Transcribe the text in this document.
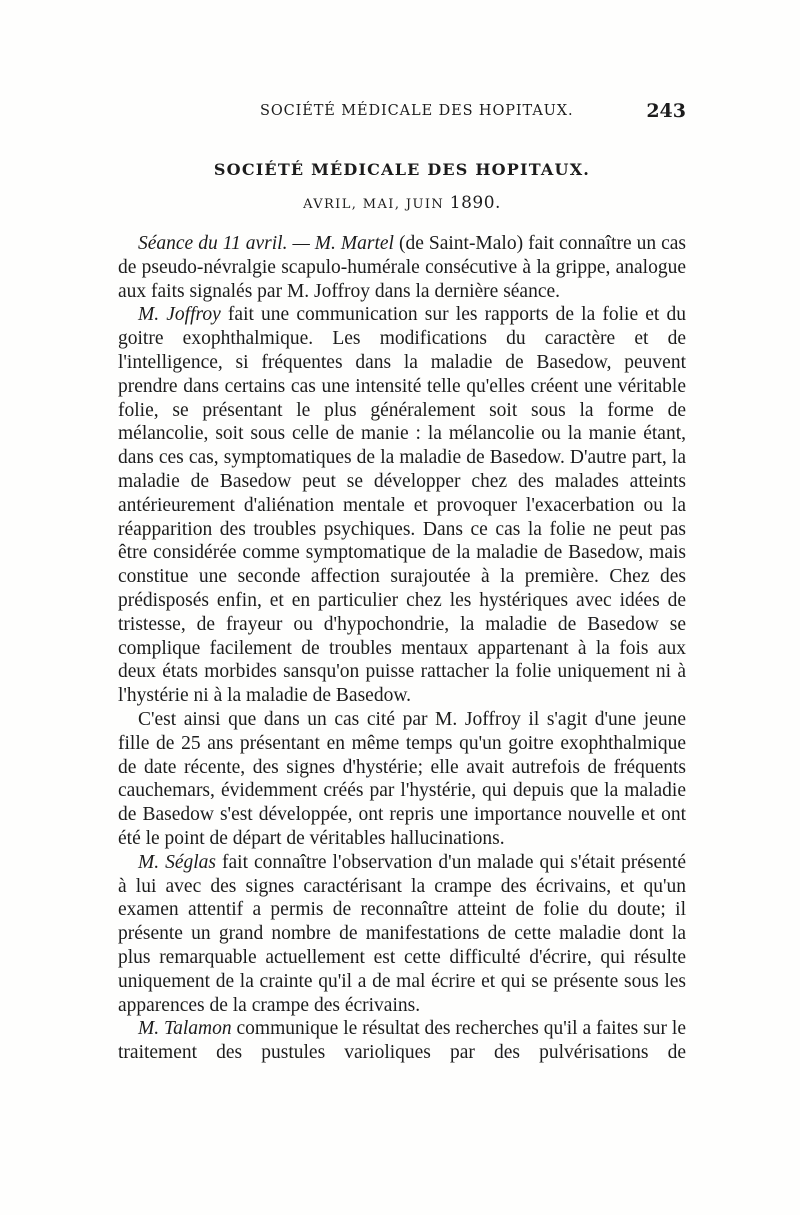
SOCIÉTÉ MÉDICALE DES HOPITAUX.	243
SOCIÉTÉ MÉDICALE DES HOPITAUX.
AVRIL, MAI, JUIN 1890.

Séance du 11 avril. — M. Martel (de Saint-Malo) fait connaître un cas de pseudo-névralgie scapulo-humérale consécutive à la grippe, analogue aux faits signalés par M. Joffroy dans la dernière séance.

M. Joffroy fait une communication sur les rapports de la folie et du goitre exophthalmique. Les modifications du caractère et de l'intelligence, si fréquentes dans la maladie de Basedow, peuvent prendre dans certains cas une intensité telle qu'elles créent une véritable folie, se présentant le plus généralement soit sous la forme de mélancolie, soit sous celle de manie : la mélancolie ou la manie étant, dans ces cas, symptomatiques de la maladie de Basedow. D'autre part, la maladie de Basedow peut se développer chez des malades atteints antérieurement d'aliénation mentale et provoquer l'exacerbation ou la réapparition des troubles psychiques. Dans ce cas la folie ne peut pas être considérée comme symptomatique de la maladie de Basedow, mais constitue une seconde affection surajoutée à la première. Chez des prédisposés enfin, et en particulier chez les hystériques avec idées de tristesse, de frayeur ou d'hypochondrie, la maladie de Basedow se complique facilement de troubles mentaux appartenant à la fois aux deux états morbides sansqu'on puisse rattacher la folie uniquement ni à l'hystérie ni à la maladie de Basedow.

C'est ainsi que dans un cas cité par M. Joffroy il s'agit d'une jeune fille de 25 ans présentant en même temps qu'un goitre exophthalmique de date récente, des signes d'hystérie; elle avait autrefois de fréquents cauchemars, évidemment créés par l'hystérie, qui depuis que la maladie de Basedow s'est développée, ont repris une importance nouvelle et ont été le point de départ de véritables hallucinations.

M. Séglas fait connaître l'observation d'un malade qui s'était présenté à lui avec des signes caractérisant la crampe des écrivains, et qu'un examen attentif a permis de reconnaître atteint de folie du doute; il présente un grand nombre de manifestations de cette maladie dont la plus remarquable actuellement est cette difficulté d'écrire, qui résulte uniquement de la crainte qu'il a de mal écrire et qui se présente sous les apparences de la crampe des écrivains.

M. Talamon communique le résultat des recherches qu'il a faites sur le traitement des pustules varioliques par des pulvérisations de
